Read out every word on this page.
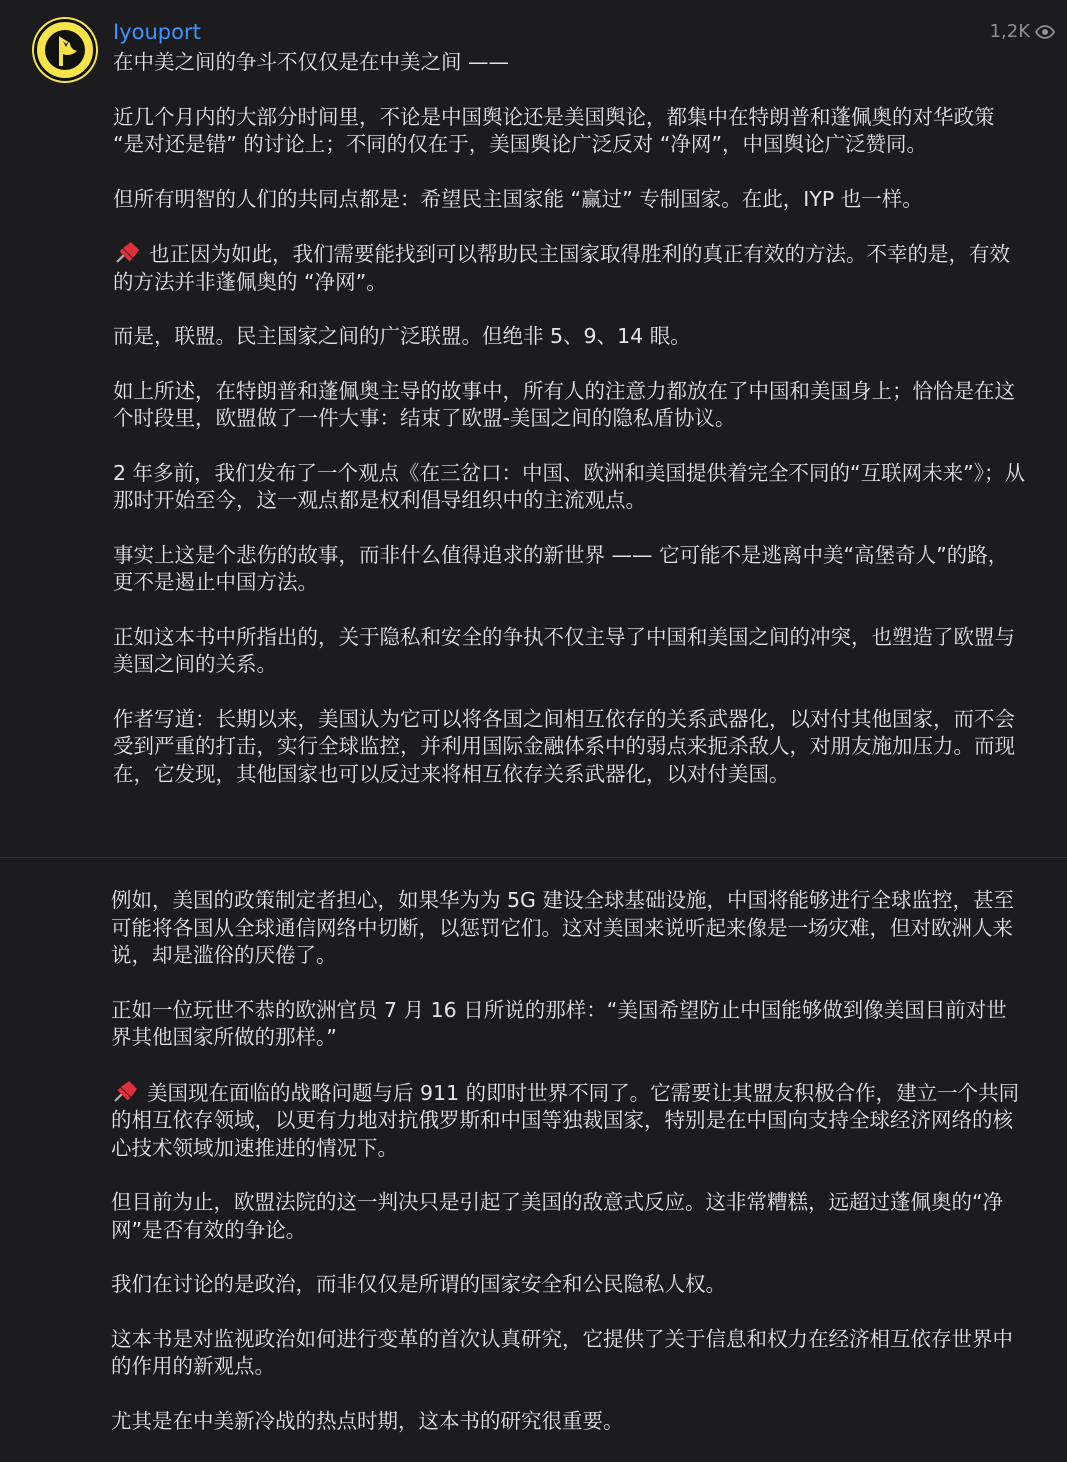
Iyouport	1,2K

在中美之间的争斗不仅仅是在中美之间 ——

近几个月内的大部分时间里，不论是中国舆论还是美国舆论，都集中在特朗普和蓬佩奥的对华政策 “是对还是错” 的讨论上；不同的仅在于，美国舆论广泛反对 “净网”，中国舆论广泛赞同。

但所有明智的人们的共同点都是：希望民主国家能 “赢过” 专制国家。在此，IYP 也一样。

也正因为如此，我们需要能找到可以帮助民主国家取得胜利的真正有效的方法。不幸的是，有效的方法并非蓬佩奥的 “净网”。

而是，联盟。民主国家之间的广泛联盟。但绝非 5、9、14 眼。

如上所述，在特朗普和蓬佩奥主导的故事中，所有人的注意力都放在了中国和美国身上；恰恰是在这个时段里，欧盟做了一件大事：结束了欧盟-美国之间的隐私盾协议。

2 年多前，我们发布了一个观点《在三岔口：中国、欧洲和美国提供着完全不同的“互联网未来”》；从那时开始至今，这一观点都是权利倡导组织中的主流观点。

事实上这是个悲伤的故事，而非什么值得追求的新世界 —— 它可能不是逃离中美“高堡奇人”的路，更不是遏止中国方法。

正如这本书中所指出的，关于隐私和安全的争执不仅主导了中国和美国之间的冲突，也塑造了欧盟与美国之间的关系。

作者写道：长期以来，美国认为它可以将各国之间相互依存的关系武器化，以对付其他国家，而不会受到严重的打击，实行全球监控，并利用国际金融体系中的弱点来扼杀敌人，对朋友施加压力。而现在，它发现，其他国家也可以反过来将相互依存关系武器化，以对付美国。

例如，美国的政策制定者担心，如果华为为 5G 建设全球基础设施，中国将能够进行全球监控，甚至可能将各国从全球通信网络中切断，以惩罚它们。这对美国来说听起来像是一场灾难，但对欧洲人来说，却是滥俗的厌倦了。

正如一位玩世不恭的欧洲官员 7 月 16 日所说的那样：“美国希望防止中国能够做到像美国目前对世界其他国家所做的那样。”

美国现在面临的战略问题与后 911 的即时世界不同了。它需要让其盟友积极合作，建立一个共同的相互依存领域，以更有力地对抗俄罗斯和中国等独裁国家，特别是在中国向支持全球经济网络的核心技术领域加速推进的情况下。

但目前为止，欧盟法院的这一判决只是引起了美国的敌意式反应。这非常糟糕，远超过蓬佩奥的“净网”是否有效的争论。

我们在讨论的是政治，而非仅仅是所谓的国家安全和公民隐私人权。

这本书是对监视政治如何进行变革的首次认真研究，它提供了关于信息和权力在经济相互依存世界中的作用的新观点。

尤其是在中美新冷战的热点时期，这本书的研究很重要。
